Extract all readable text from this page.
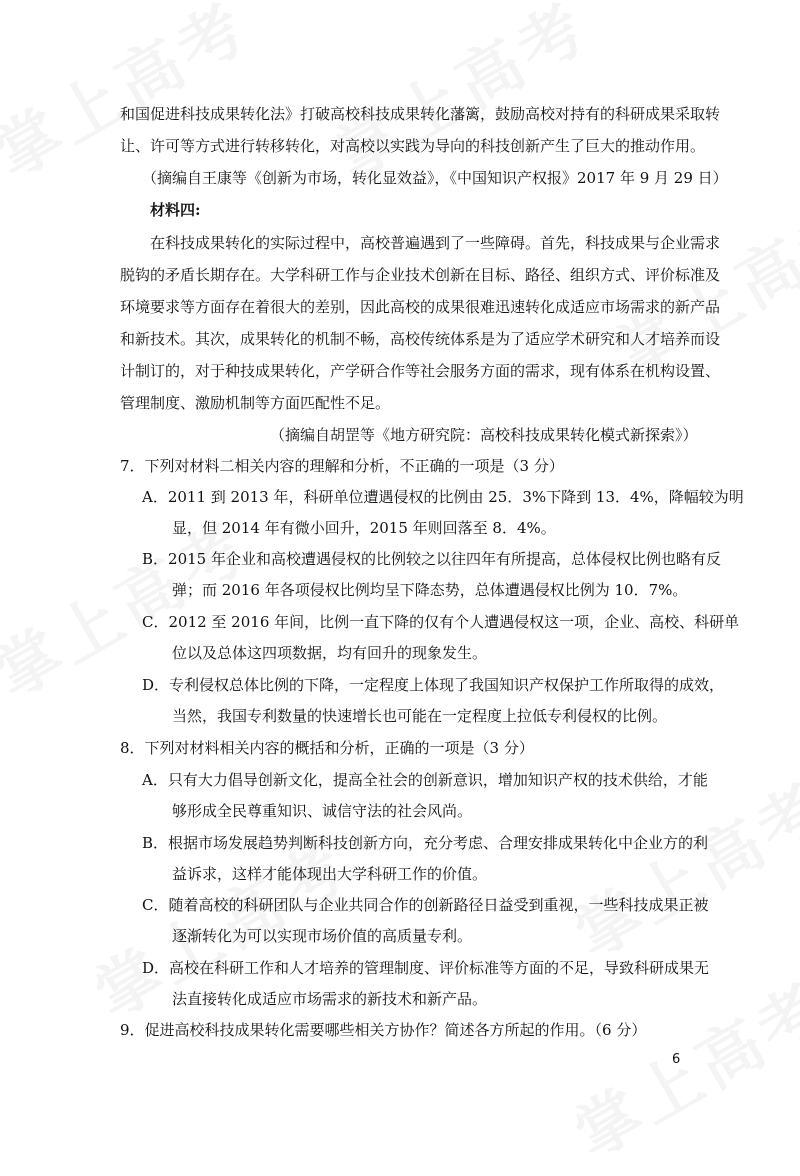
和国促进科技成果转化法》打破高校科技成果转化藩篱，鼓励高校对持有的科研成果采取转
让、许可等方式进行转移转化，对高校以实践为导向的科技创新产生了巨大的推动作用。
（摘编自王康等《创新为市场，转化显效益》，《中国知识产权报》2017 年 9 月 29 日）
材料四:
在科技成果转化的实际过程中，高校普遍遇到了一些障碍。首先，科技成果与企业需求
脱钩的矛盾长期存在。大学科研工作与企业技术创新在目标、路径、组织方式、评价标准及
环境要求等方面存在着很大的差别，因此高校的成果很难迅速转化成适应市场需求的新产品
和新技术。其次，成果转化的机制不畅，高校传统体系是为了适应学术研究和人才培养而设
计制订的，对于种技成果转化，产学研合作等社会服务方面的需求，现有体系在机构设置、
管理制度、激励机制等方面匹配性不足。
（摘编自胡罡等《地方研究院：高校科技成果转化模式新探索》）
7．下列对材料二相关内容的理解和分析，不正确的一项是（3 分）
A．2011 到 2013 年，科研单位遭遇侵权的比例由 25．3%下降到 13．4%，降幅较为明
显，但 2014 年有微小回升，2015 年则回落至 8．4%。
B．2015 年企业和高校遭遇侵权的比例较之以往四年有所提高，总体侵权比例也略有反
弹；而 2016 年各项侵权比例均呈下降态势，总体遭遇侵权比例为 10．7%。
C．2012 至 2016 年间，比例一直下降的仅有个人遭遇侵权这一项，企业、高校、科研单
位以及总体这四项数据，均有回升的现象发生。
D．专利侵权总体比例的下降，一定程度上体现了我国知识产权保护工作所取得的成效，
当然，我国专利数量的快速增长也可能在一定程度上拉低专利侵权的比例。
8．下列对材料相关内容的概括和分析，正确的一项是（3 分）
A．只有大力倡导创新文化，提高全社会的创新意识，增加知识产权的技术供给，才能
够形成全民尊重知识、诚信守法的社会风尚。
B．根据市场发展趋势判断科技创新方向，充分考虑、合理安排成果转化中企业方的利
益诉求，这样才能体现出大学科研工作的价值。
C．随着高校的科研团队与企业共同合作的创新路径日益受到重视，一些科技成果正被
逐渐转化为可以实现市场价值的高质量专利。
D．高校在科研工作和人才培养的管理制度、评价标准等方面的不足，导致科研成果无
法直接转化成适应市场需求的新技术和新产品。
9．促进高校科技成果转化需要哪些相关方协作？简述各方所起的作用。（6 分）
6
